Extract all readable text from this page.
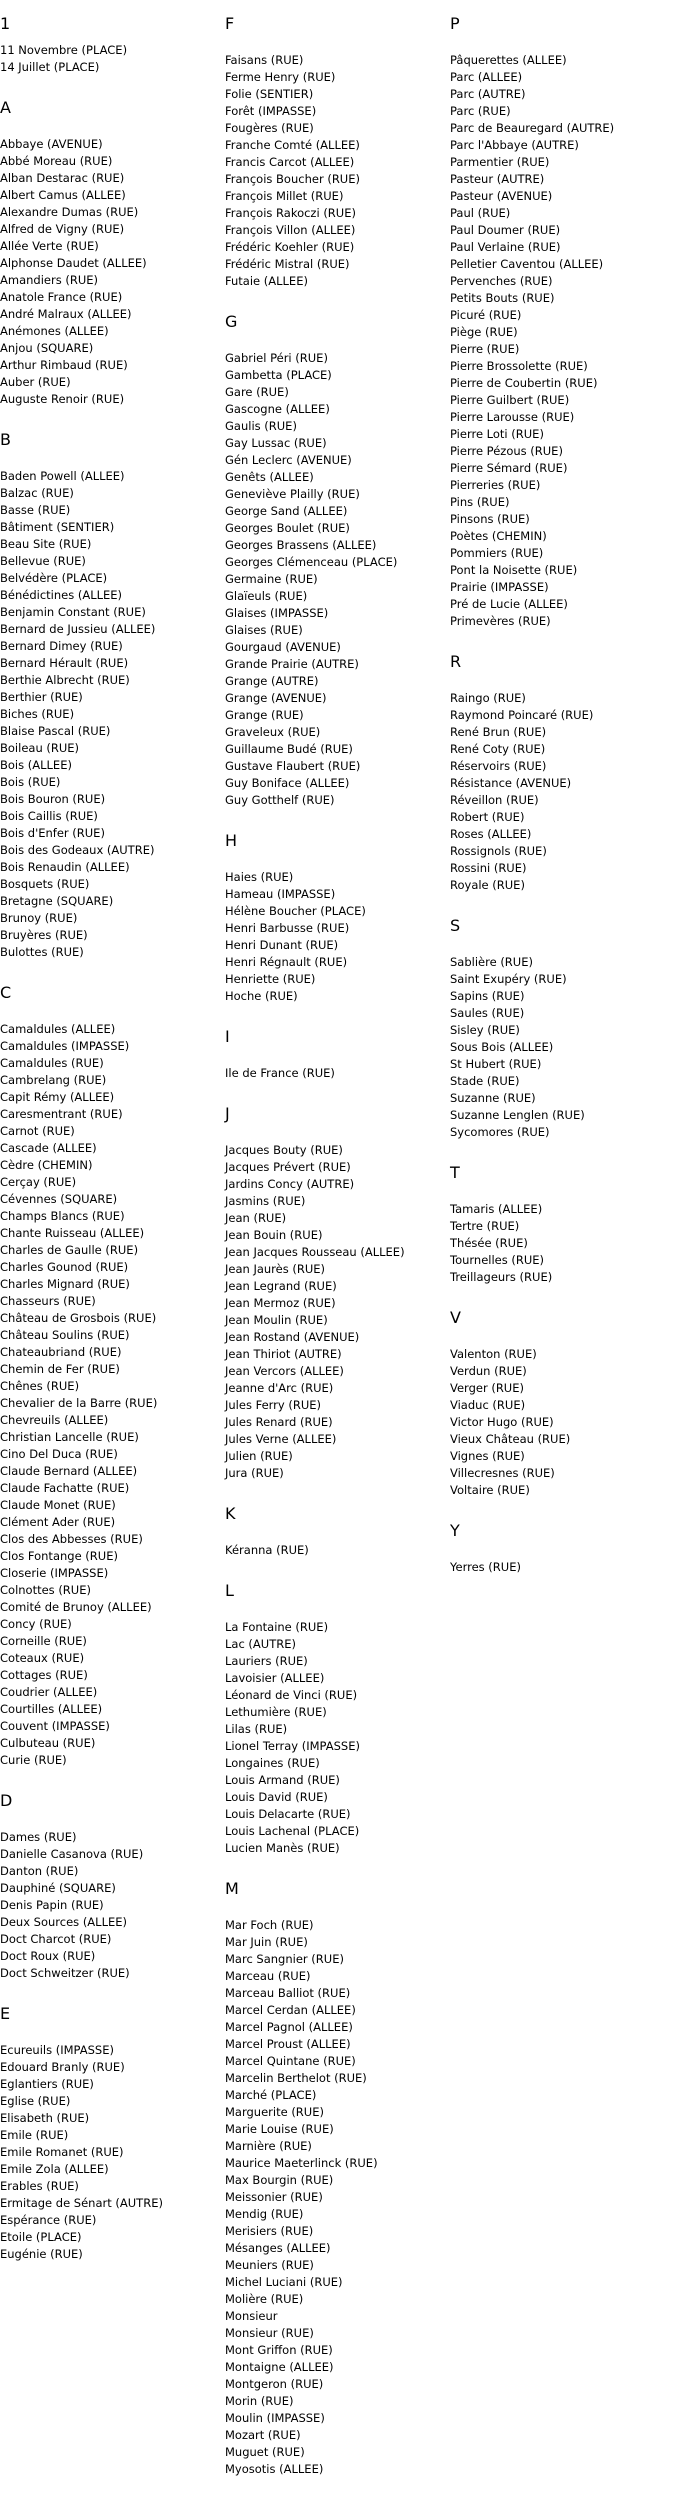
1
11 Novembre (PLACE)
14 Juillet (PLACE)
A
Abbaye (AVENUE)
Abbé Moreau (RUE)
Alban Destarac (RUE)
Albert Camus (ALLEE)
Alexandre Dumas (RUE)
Alfred de Vigny (RUE)
Allée Verte (RUE)
Alphonse Daudet (ALLEE)
Amandiers (RUE)
Anatole France (RUE)
André Malraux (ALLEE)
Anémones (ALLEE)
Anjou (SQUARE)
Arthur Rimbaud (RUE)
Auber (RUE)
Auguste Renoir (RUE)
B
Baden Powell (ALLEE)
Balzac (RUE)
Basse (RUE)
Bâtiment (SENTIER)
Beau Site (RUE)
Bellevue (RUE)
Belvédère (PLACE)
Bénédictines (ALLEE)
Benjamin Constant (RUE)
Bernard de Jussieu (ALLEE)
Bernard Dimey (RUE)
Bernard Hérault (RUE)
Berthie Albrecht (RUE)
Berthier (RUE)
Biches (RUE)
Blaise Pascal (RUE)
Boileau (RUE)
Bois (ALLEE)
Bois (RUE)
Bois Bouron (RUE)
Bois Caillis (RUE)
Bois d'Enfer (RUE)
Bois des Godeaux (AUTRE)
Bois Renaudin (ALLEE)
Bosquets (RUE)
Bretagne (SQUARE)
Brunoy (RUE)
Bruyères (RUE)
Bulottes (RUE)
C
Camaldules (ALLEE)
Camaldules (IMPASSE)
Camaldules (RUE)
Cambrelang (RUE)
Capit Rémy (ALLEE)
Caresmentrant (RUE)
Carnot (RUE)
Cascade (ALLEE)
Cèdre (CHEMIN)
Cerçay (RUE)
Cévennes (SQUARE)
Champs Blancs (RUE)
Chante Ruisseau (ALLEE)
Charles de Gaulle (RUE)
Charles Gounod (RUE)
Charles Mignard (RUE)
Chasseurs (RUE)
Château de Grosbois (RUE)
Château Soulins (RUE)
Chateaubriand (RUE)
Chemin de Fer (RUE)
Chênes (RUE)
Chevalier de la Barre (RUE)
Chevreuils (ALLEE)
Christian Lancelle (RUE)
Cino Del Duca (RUE)
Claude Bernard (ALLEE)
Claude Fachatte (RUE)
Claude Monet (RUE)
Clément Ader (RUE)
Clos des Abbesses (RUE)
Clos Fontange (RUE)
Closerie (IMPASSE)
Colnottes (RUE)
Comité de Brunoy (ALLEE)
Concy (RUE)
Corneille (RUE)
Coteaux (RUE)
Cottages (RUE)
Coudrier (ALLEE)
Courtilles (ALLEE)
Couvent (IMPASSE)
Culbuteau (RUE)
Curie (RUE)
D
Dames (RUE)
Danielle Casanova (RUE)
Danton (RUE)
Dauphiné (SQUARE)
Denis Papin (RUE)
Deux Sources (ALLEE)
Doct Charcot (RUE)
Doct Roux (RUE)
Doct Schweitzer (RUE)
E
Ecureuils (IMPASSE)
Edouard Branly (RUE)
Eglantiers (RUE)
Eglise (RUE)
Elisabeth (RUE)
Emile (RUE)
Emile Romanet (RUE)
Emile Zola (ALLEE)
Erables (RUE)
Ermitage de Sénart (AUTRE)
Espérance (RUE)
Etoile (PLACE)
Eugénie (RUE)
F
Faisans (RUE)
Ferme Henry (RUE)
Folie (SENTIER)
Forêt (IMPASSE)
Fougères (RUE)
Franche Comté (ALLEE)
Francis Carcot (ALLEE)
François Boucher (RUE)
François Millet (RUE)
François Rakoczi (RUE)
François Villon (ALLEE)
Frédéric Koehler (RUE)
Frédéric Mistral (RUE)
Futaie (ALLEE)
G
Gabriel Péri (RUE)
Gambetta (PLACE)
Gare (RUE)
Gascogne (ALLEE)
Gaulis (RUE)
Gay Lussac (RUE)
Gén Leclerc (AVENUE)
Genêts (ALLEE)
Geneviève Plailly (RUE)
George Sand (ALLEE)
Georges Boulet (RUE)
Georges Brassens (ALLEE)
Georges Clémenceau (PLACE)
Germaine (RUE)
Glaïeuls (RUE)
Glaises (IMPASSE)
Glaises (RUE)
Gourgaud (AVENUE)
Grande Prairie (AUTRE)
Grange (AUTRE)
Grange (AVENUE)
Grange (RUE)
Graveleux (RUE)
Guillaume Budé (RUE)
Gustave Flaubert (RUE)
Guy Boniface (ALLEE)
Guy Gotthelf (RUE)
H
Haies (RUE)
Hameau (IMPASSE)
Hélène Boucher (PLACE)
Henri Barbusse (RUE)
Henri Dunant (RUE)
Henri Régnault (RUE)
Henriette (RUE)
Hoche (RUE)
I
Ile de France (RUE)
J
Jacques Bouty (RUE)
Jacques Prévert (RUE)
Jardins Concy (AUTRE)
Jasmins (RUE)
Jean (RUE)
Jean Bouin (RUE)
Jean Jacques Rousseau (ALLEE)
Jean Jaurès (RUE)
Jean Legrand (RUE)
Jean Mermoz (RUE)
Jean Moulin (RUE)
Jean Rostand (AVENUE)
Jean Thiriot (AUTRE)
Jean Vercors (ALLEE)
Jeanne d'Arc (RUE)
Jules Ferry (RUE)
Jules Renard (RUE)
Jules Verne (ALLEE)
Julien (RUE)
Jura (RUE)
K
Kéranna (RUE)
L
La Fontaine (RUE)
Lac (AUTRE)
Lauriers (RUE)
Lavoisier (ALLEE)
Léonard de Vinci (RUE)
Lethumière (RUE)
Lilas (RUE)
Lionel Terray (IMPASSE)
Longaines (RUE)
Louis Armand (RUE)
Louis David (RUE)
Louis Delacarte (RUE)
Louis Lachenal (PLACE)
Lucien Manès (RUE)
M
Mar Foch (RUE)
Mar Juin (RUE)
Marc Sangnier (RUE)
Marceau (RUE)
Marceau Balliot (RUE)
Marcel Cerdan (ALLEE)
Marcel Pagnol (ALLEE)
Marcel Proust (ALLEE)
Marcel Quintane (RUE)
Marcelin Berthelot (RUE)
Marché (PLACE)
Marguerite (RUE)
Marie Louise (RUE)
Marnière (RUE)
Maurice Maeterlinck (RUE)
Max Bourgin (RUE)
Meissonier (RUE)
Mendig (RUE)
Merisiers (RUE)
Mésanges (ALLEE)
Meuniers (RUE)
Michel Luciani (RUE)
Molière (RUE)
Monsieur
Monsieur (RUE)
Mont Griffon (RUE)
Montaigne (ALLEE)
Montgeron (RUE)
Morin (RUE)
Moulin (IMPASSE)
Mozart (RUE)
Muguet (RUE)
Myosotis (ALLEE)
P
Pâquerettes (ALLEE)
Parc (ALLEE)
Parc (AUTRE)
Parc (RUE)
Parc de Beauregard (AUTRE)
Parc l'Abbaye (AUTRE)
Parmentier (RUE)
Pasteur (AUTRE)
Pasteur (AVENUE)
Paul (RUE)
Paul Doumer (RUE)
Paul Verlaine (RUE)
Pelletier Caventou (ALLEE)
Pervenches (RUE)
Petits Bouts (RUE)
Picuré (RUE)
Piège (RUE)
Pierre (RUE)
Pierre Brossolette (RUE)
Pierre de Coubertin (RUE)
Pierre Guilbert (RUE)
Pierre Larousse (RUE)
Pierre Loti (RUE)
Pierre Pézous (RUE)
Pierre Sémard (RUE)
Pierreries (RUE)
Pins (RUE)
Pinsons (RUE)
Poètes (CHEMIN)
Pommiers (RUE)
Pont la Noisette (RUE)
Prairie (IMPASSE)
Pré de Lucie (ALLEE)
Primevères (RUE)
R
Raingo (RUE)
Raymond Poincaré (RUE)
René Brun (RUE)
René Coty (RUE)
Réservoirs (RUE)
Résistance (AVENUE)
Réveillon (RUE)
Robert (RUE)
Roses (ALLEE)
Rossignols (RUE)
Rossini (RUE)
Royale (RUE)
S
Sablière (RUE)
Saint Exupéry (RUE)
Sapins (RUE)
Saules (RUE)
Sisley (RUE)
Sous Bois (ALLEE)
St Hubert (RUE)
Stade (RUE)
Suzanne (RUE)
Suzanne Lenglen (RUE)
Sycomores (RUE)
T
Tamaris (ALLEE)
Tertre (RUE)
Thésée (RUE)
Tournelles (RUE)
Treillageurs (RUE)
V
Valenton (RUE)
Verdun (RUE)
Verger (RUE)
Viaduc (RUE)
Victor Hugo (RUE)
Vieux Château (RUE)
Vignes (RUE)
Villecresnes (RUE)
Voltaire (RUE)
Y
Yerres (RUE)
